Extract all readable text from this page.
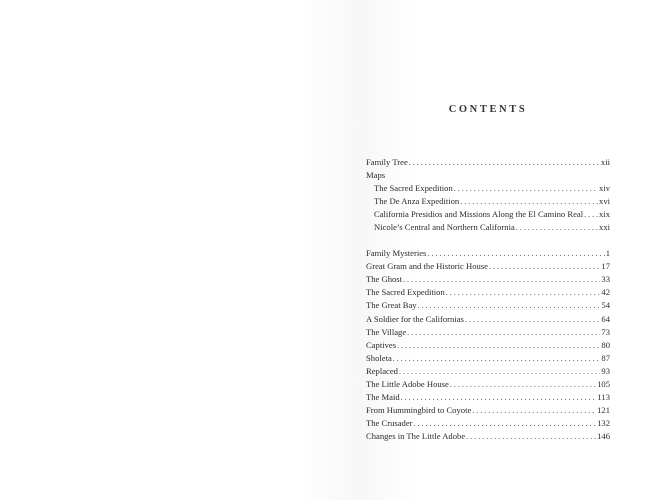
CONTENTS
Family Tree . . .	xii
Maps
The Sacred Expedition . . .	xiv
The De Anza Expedition . . .	xvi
California Presidios and Missions Along the El Camino Real . . . xix
Nicole’s Central and Northern California . . .	xxi
Family Mysteries . . .	1
Great Gram and the Historic House . . .	17
The Ghost . . .	33
The Sacred Expedition . . .	42
The Great Bay . . .	54
A Soldier for the Californias . . .	64
The Village . . .	73
Captives . . .	80
Sholeta . . .	87
Replaced . . .	93
The Little Adobe House . . .	105
The Maid . . .	113
From Hummingbird to Coyote . . .	121
The Crusader . . .	132
Changes in The Little Adobe . . .	146
